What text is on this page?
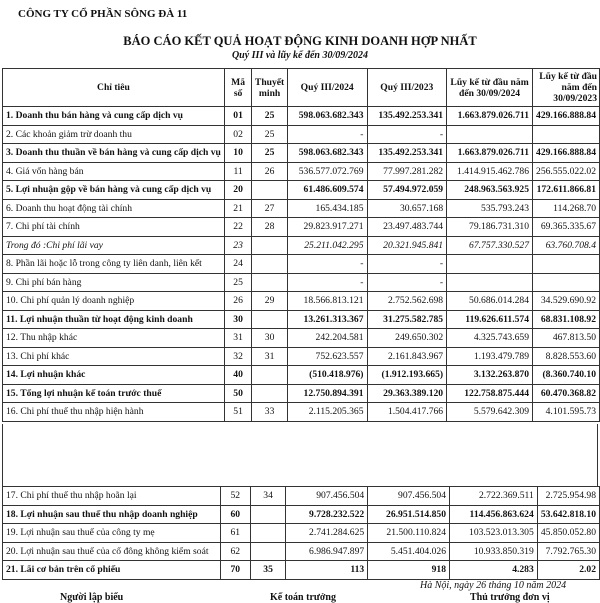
CÔNG TY CỔ PHẦN SÔNG ĐÀ 11
BÁO CÁO KẾT QUẢ HOẠT ĐỘNG KINH DOANH HỢP NHẤT
Quý III và lũy kế đến 30/09/2024
Chỉ tiêu	Mã số	Thuyết minh	Quý III/2024	Quý III/2023	Lũy kế từ đầu năm đến 30/09/2024	Lũy kế từ đầu năm đến 30/09/2023
1. Doanh thu bán hàng và cung cấp dịch vụ	01	25	598.063.682.343	135.492.253.341	1.663.879.026.711	429.166.888.84
2. Các khoản giảm trừ doanh thu	02	25	-	-		
3. Doanh thu thuần về bán hàng và cung cấp dịch vụ	10	25	598.063.682.343	135.492.253.341	1.663.879.026.711	429.166.888.84
4. Giá vốn hàng bán	11	26	536.577.072.769	77.997.281.282	1.414.915.462.786	256.555.022.02
5. Lợi nhuận gộp về bán hàng và cung cấp dịch vụ	20		61.486.609.574	57.494.972.059	248.963.563.925	172.611.866.81
6. Doanh thu hoạt động tài chính	21	27	165.434.185	30.657.168	535.793.243	114.268.70
7. Chi phí tài chính	22	28	29.823.917.271	23.497.483.744	79.186.731.310	69.365.335.67
Trong đó :Chi phí lãi vay	23		25.211.042.295	20.321.945.841	67.757.330.527	63.760.708.4
8. Phần lãi hoặc lỗ trong công ty liên danh, liên kết	24		-	-		
9. Chi phí bán hàng	25		-	-		
10. Chi phí quản lý doanh nghiệp	26	29	18.566.813.121	2.752.562.698	50.686.014.284	34.529.690.92
11. Lợi nhuận thuần từ hoạt động kinh doanh	30		13.261.313.367	31.275.582.785	119.626.611.574	68.831.108.92
12. Thu nhập khác	31	30	242.204.581	249.650.302	4.325.743.659	467.813.50
13. Chi phí khác	32	31	752.623.557	2.161.843.967	1.193.479.789	8.828.553.60
14. Lợi nhuận khác	40		(510.418.976)	(1.912.193.665)	3.132.263.870	(8.360.740.10
15. Tổng lợi nhuận kế toán trước thuế	50		12.750.894.391	29.363.389.120	122.758.875.444	60.470.368.82
16. Chi phí thuế thu nhập hiện hành	51	33	2.115.205.365	1.504.417.766	5.579.642.309	4.101.595.73
17. Chi phí thuế thu nhập hoãn lại	52	34	907.456.504	907.456.504	2.722.369.511	2.725.954.98
18. Lợi nhuận sau thuế thu nhập doanh nghiệp	60		9.728.232.522	26.951.514.850	114.456.863.624	53.642.818.10
19. Lợi nhuận sau thuế của công ty mẹ	61		2.741.284.625	21.500.110.824	103.523.013.305	45.850.052.80
20. Lợi nhuận sau thuế của cổ đông không kiểm soát	62		6.986.947.897	5.451.404.026	10.933.850.319	7.792.765.30
21. Lãi cơ bản trên cổ phiếu	70	35	113	918	4.283	2.02
Hà Nội, ngày 26 tháng 10 năm 2024
Người lập biểu	Kế toán trưởng	Thủ trưởng đơn vị
